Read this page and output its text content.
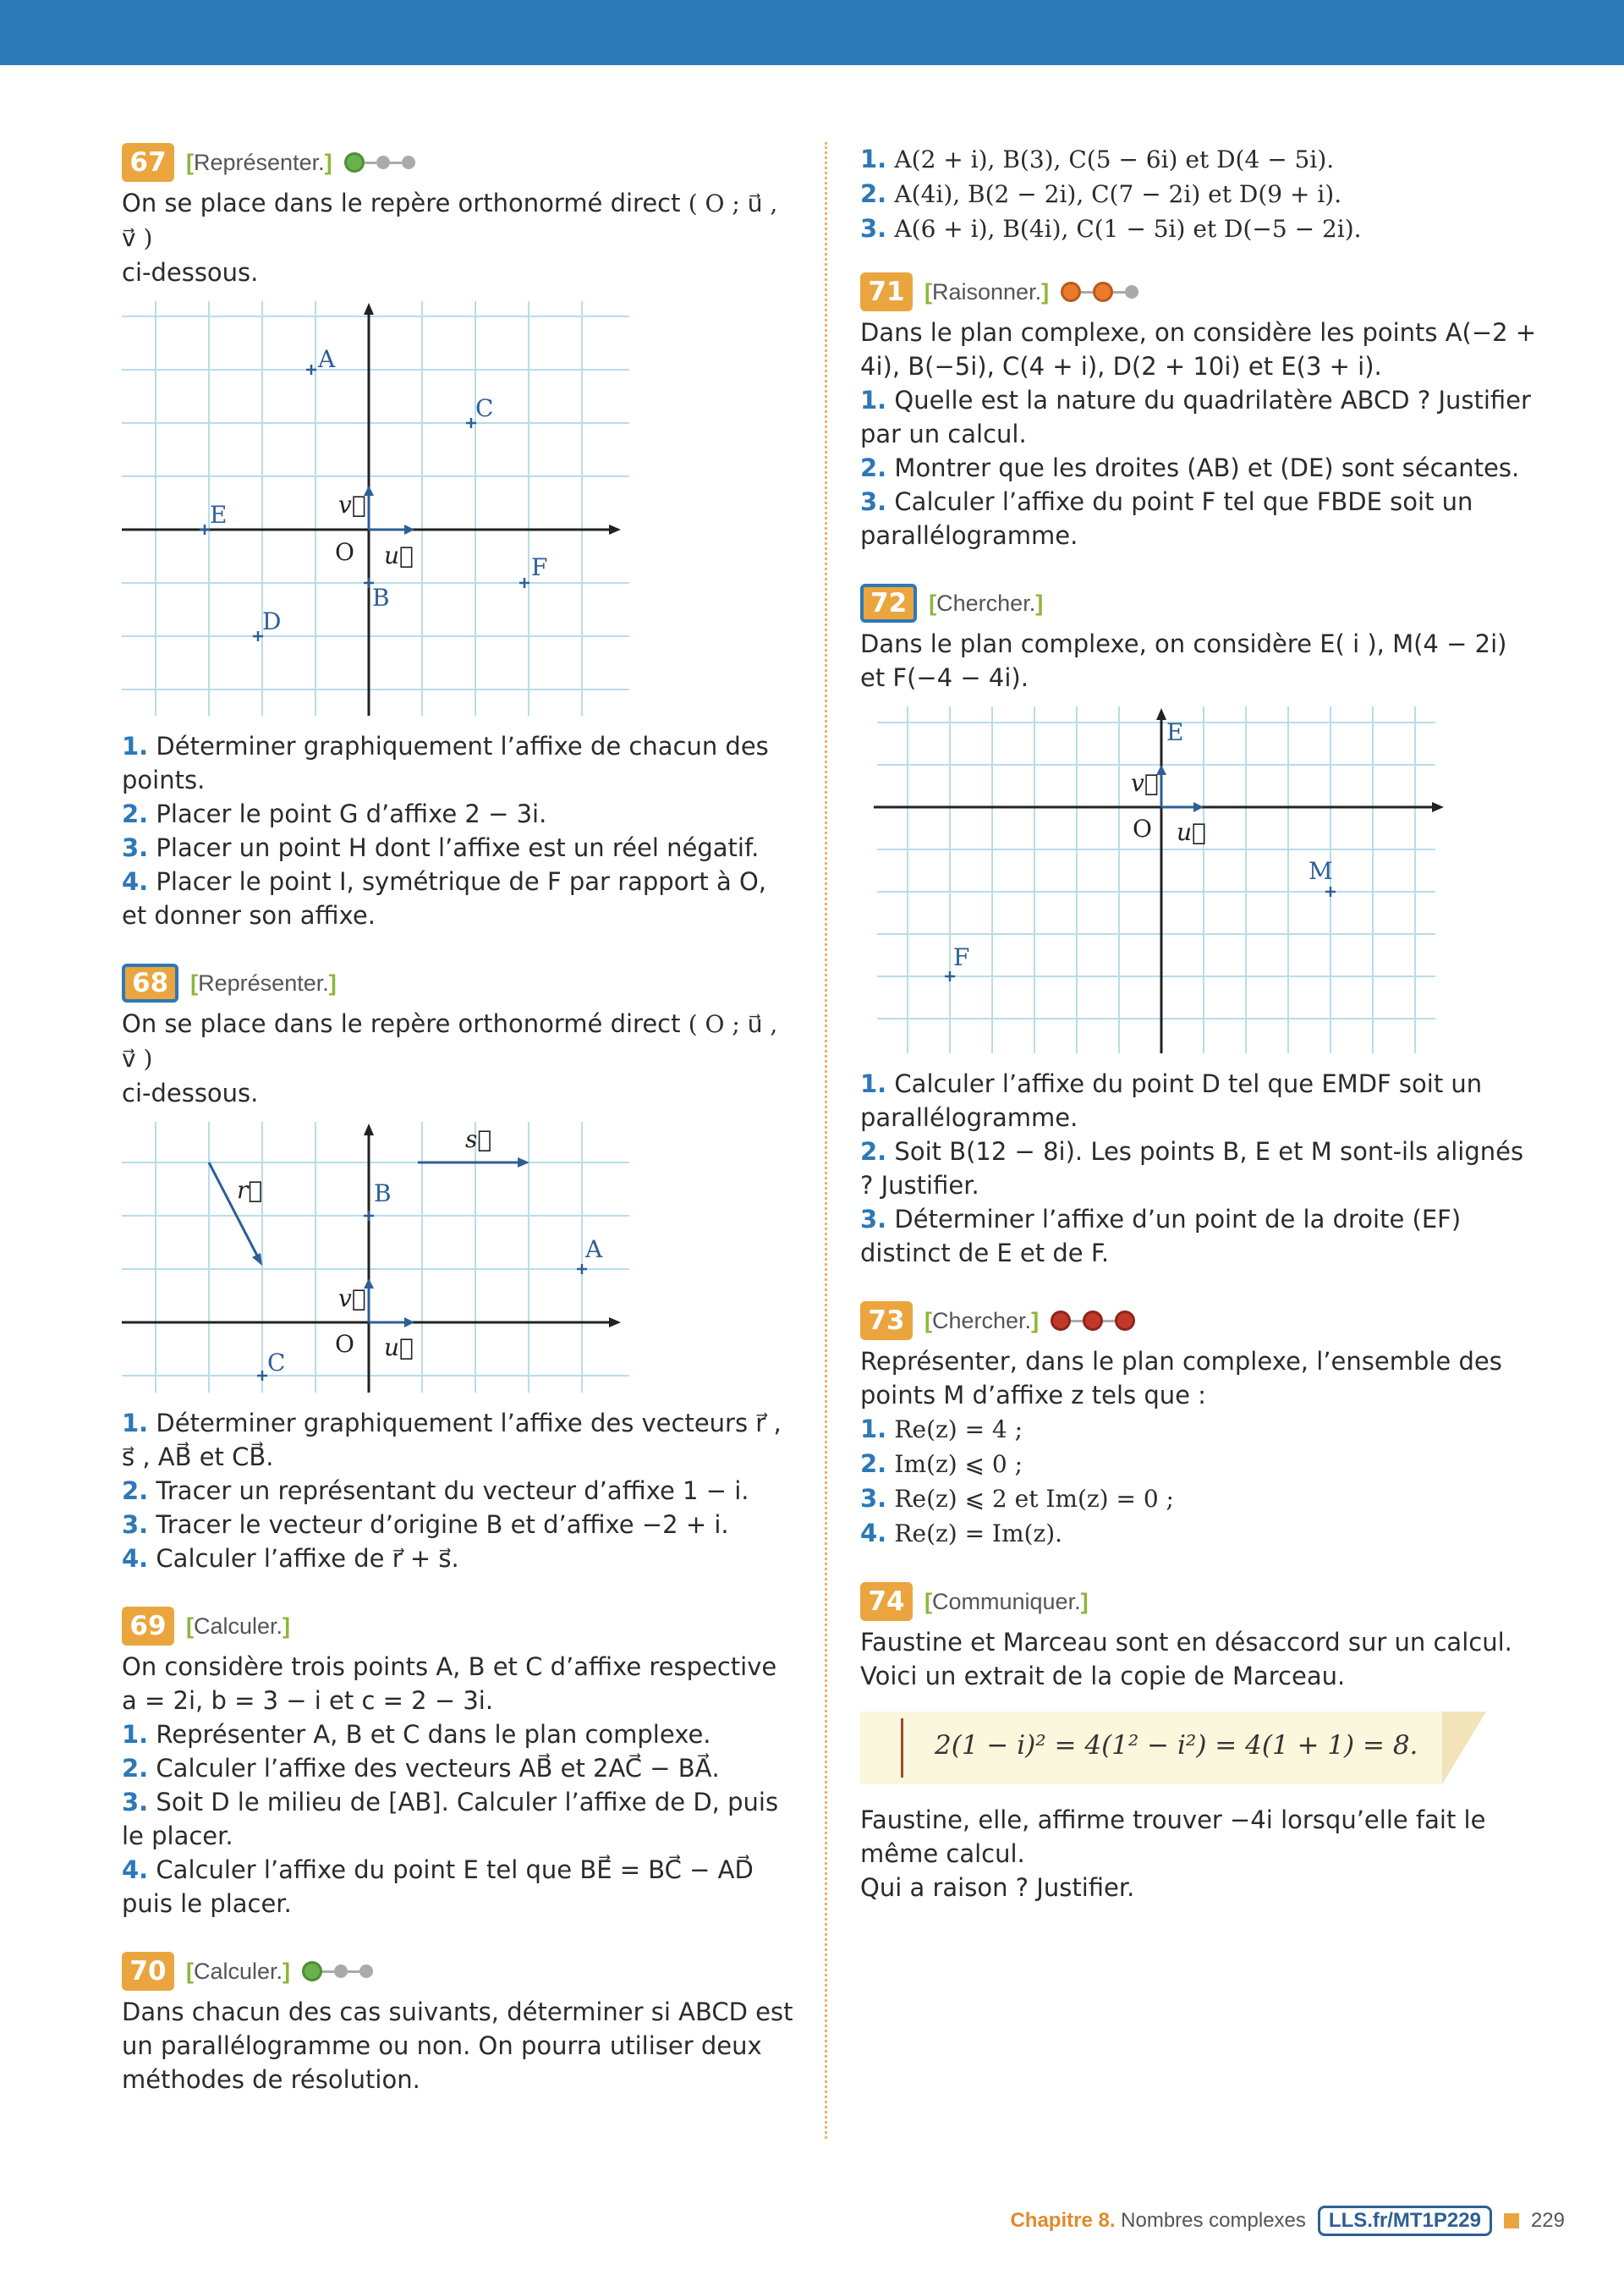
67 [Représenter.]

On se place dans le repère orthonormé direct ( O ; u⃗ , v⃗ )
ci-dessous.

A
C
E
F
D
B
O u⃗
v⃗

1. Déterminer graphiquement l’affixe de chacun des points.

2. Placer le point G d’affixe 2 − 3i.

3. Placer un point H dont l’affixe est un réel négatif.

4. Placer le point I, symétrique de F par rapport à O, et donner son affixe.

68 [Représenter.]

On se place dans le repère orthonormé direct ( O ; u⃗ , v⃗ )
ci-dessous.

B
A
C
O u⃗
v⃗
r⃗
s⃗

1. Déterminer graphiquement l’affixe des vecteurs r⃗ , s⃗ , AB⃗ et CB⃗.

2. Tracer un représentant du vecteur d’affixe 1 − i.

3. Tracer le vecteur d’origine B et d’affixe −2 + i.

4. Calculer l’affixe de r⃗ + s⃗.

69 [Calculer.]

On considère trois points A, B et C d’affixe respective a = 2i, b = 3 − i et c = 2 − 3i.

1. Représenter A, B et C dans le plan complexe.

2. Calculer l’affixe des vecteurs AB⃗ et 2AC⃗ − BA⃗.

3. Soit D le milieu de [AB]. Calculer l’affixe de D, puis le placer.

4. Calculer l’affixe du point E tel que BE⃗ = BC⃗ − AD⃗ puis le placer.

70 [Calculer.]

Dans chacun des cas suivants, déterminer si ABCD est un parallélogramme ou non. On pourra utiliser deux méthodes de résolution.

1. A(2 + i), B(3), C(5 − 6i) et D(4 − 5i).

2. A(4i), B(2 − 2i), C(7 − 2i) et D(9 + i).

3. A(6 + i), B(4i), C(1 − 5i) et D(−5 − 2i).

71 [Raisonner.]

Dans le plan complexe, on considère les points A(−2 + 4i), B(−5i), C(4 + i), D(2 + 10i) et E(3 + i).

1. Quelle est la nature du quadrilatère ABCD ? Justifier par un calcul.

2. Montrer que les droites (AB) et (DE) sont sécantes.

3. Calculer l’affixe du point F tel que FBDE soit un parallélogramme.

72 [Chercher.]

Dans le plan complexe, on considère E( i ), M(4 − 2i) et F(−4 − 4i).

E
M
F
O u⃗
v⃗

1. Calculer l’affixe du point D tel que EMDF soit un parallélogramme.

2. Soit B(12 − 8i). Les points B, E et M sont-ils alignés ? Justifier.

3. Déterminer l’affixe d’un point de la droite (EF) distinct de E et de F.

73 [Chercher.]

Représenter, dans le plan complexe, l’ensemble des points M d’affixe z tels que :

1. Re(z) = 4 ;

2. Im(z) ⩽ 0 ;

3. Re(z) ⩽ 2 et Im(z) = 0 ;

4. Re(z) = Im(z).

74 [Communiquer.]

Faustine et Marceau sont en désaccord sur un calcul. Voici un extrait de la copie de Marceau.

2(1 − i)² = 4(1² − i²) = 4(1 + 1) = 8.

Faustine, elle, affirme trouver −4i lorsqu’elle fait le même calcul.

Qui a raison ? Justifier.

Chapitre 8. Nombres complexes	LLS.fr/MT1P229	229
